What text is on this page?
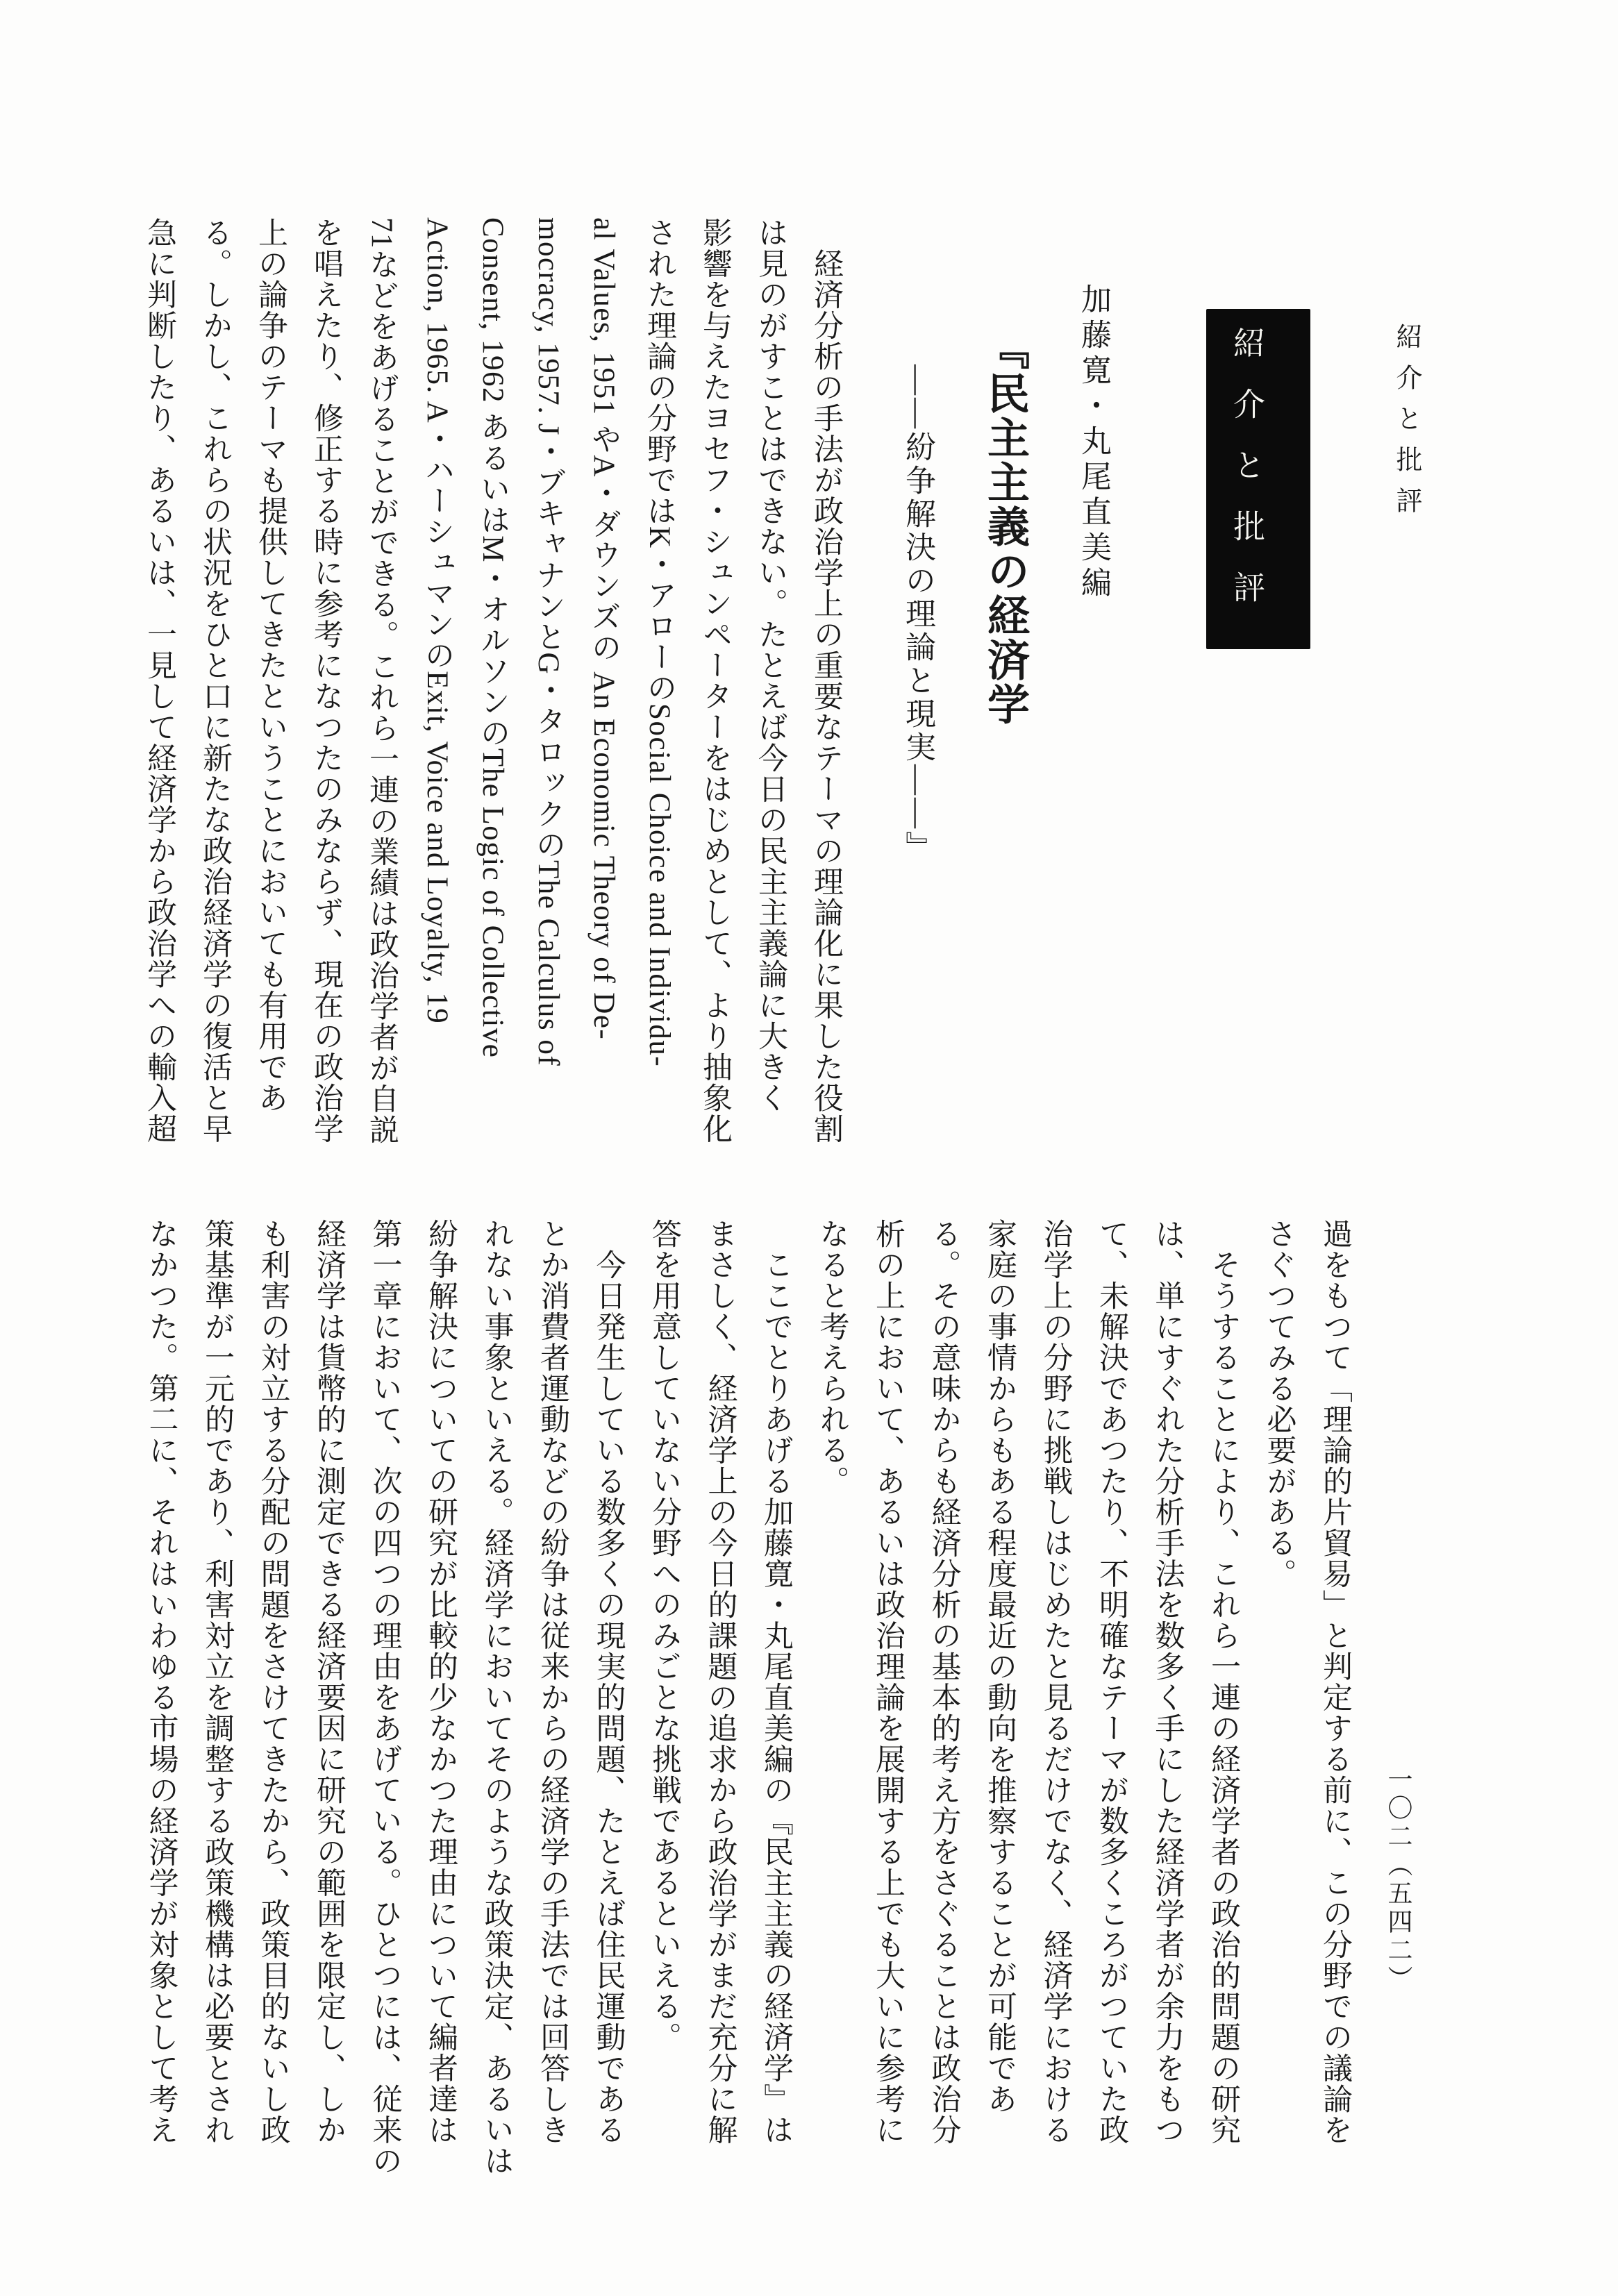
紹介と批評
一〇二（五四二）
紹介と批評
加藤寛・丸尾直美編
『民主主義の経済学
――紛争解決の理論と現実――』
　経済分析の手法が政治学上の重要なテーマの理論化に果した役割
は見のがすことはできない。たとえば今日の民主主義論に大きく
影響を与えたヨセフ・シュンペーターをはじめとして、より抽象化
された理論の分野ではK・アローのSocial Choice and Individu-
al Values, 1951 やA・ダウンズの An Economic Theory of De-
mocracy, 1957. J・ブキャナンとG・タロックのThe Calculus of
Consent, 1962 あるいはM・オルソンのThe Logic of Collective
Action, 1965. A・ハーシュマンのExit, Voice and Loyalty, 19
71などをあげることができる。これら一連の業績は政治学者が自説
を唱えたり、修正する時に参考になつたのみならず、現在の政治学
上の論争のテーマも提供してきたということにおいても有用であ
る。しかし、これらの状況をひと口に新たな政治経済学の復活と早
急に判断したり、あるいは、一見して経済学から政治学への輸入超
過をもつて「理論的片貿易」と判定する前に、この分野での議論を
さぐつてみる必要がある。
　そうすることにより、これら一連の経済学者の政治的問題の研究
は、単にすぐれた分析手法を数多く手にした経済学者が余力をもつ
て、未解決であつたり、不明確なテーマが数多くころがつていた政
治学上の分野に挑戦しはじめたと見るだけでなく、経済学における
家庭の事情からもある程度最近の動向を推察することが可能であ
る。その意味からも経済分析の基本的考え方をさぐることは政治分
析の上において、あるいは政治理論を展開する上でも大いに参考に
なると考えられる。
　ここでとりあげる加藤寛・丸尾直美編の『民主主義の経済学』は
まさしく、経済学上の今日的課題の追求から政治学がまだ充分に解
答を用意していない分野へのみごとな挑戦であるといえる。
　今日発生している数多くの現実的問題、たとえば住民運動である
とか消費者運動などの紛争は従来からの経済学の手法では回答しき
れない事象といえる。経済学においてそのような政策決定、あるいは
紛争解決についての研究が比較的少なかつた理由について編者達は
第一章において、次の四つの理由をあげている。ひとつには、従来の
経済学は貨幣的に測定できる経済要因に研究の範囲を限定し、しか
も利害の対立する分配の問題をさけてきたから、政策目的ないし政
策基準が一元的であり、利害対立を調整する政策機構は必要とされ
なかつた。第二に、それはいわゆる市場の経済学が対象として考え
